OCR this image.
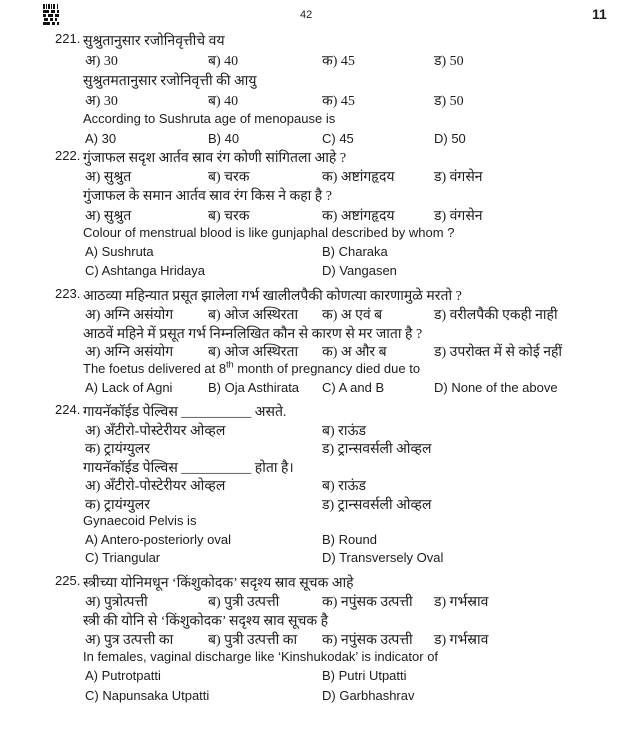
42	11
221. सुश्रुतानुसार रजोनिवृत्तीचे वय
अ) 30	ब) 40	क) 45	ड) 50
सुश्रुतमतानुसार रजोनिवृत्ती की आयु
अ) 30	ब) 40	क) 45	ड) 50
According to Sushruta age of menopause is
A) 30	B) 40	C) 45	D) 50
222. गुंजाफल सदृश आर्तव स्राव रंग कोणी सांगितला आहे ?
अ) सुश्रुत	ब) चरक	क) अष्टांगहृदय	ड) वंगसेन
गुंजाफल के समान आर्तव स्राव रंग किस ने कहा है ?
अ) सुश्रुत	ब) चरक	क) अष्टांगहृदय	ड) वंगसेन
Colour of menstrual blood is like gunjaphal described by whom ?
A) Sushruta	B) Charaka
C) Ashtanga Hridaya	D) Vangasen
223. आठव्या महिन्यात प्रसूत झालेला गर्भ खालीलपैकी कोणत्या कारणामुळे मरतो ?
अ) अग्नि असंयोग ब) ओज अस्थिरता क) अ एवं ब	ड) वरीलपैकी एकही नाही
आठवें महिने में प्रसूत गर्भ निम्नलिखित कौन से कारण से मर जाता है ?
अ) अग्नि असंयोग ब) ओज अस्थिरता क) अ और ब	ड) उपरोक्त में से कोई नहीं
The foetus delivered at 8th month of pregnancy died due to
A) Lack of Agni	B) Oja Asthirata C) A and B	D) None of the above
224. गायनॅकॉईड पेल्विस __________ असते.
अ) अँटीरो-पोस्टेरीयर ओव्हल	ब) राऊंड
क) ट्रायंग्युलर	ड) ट्रान्सवर्सली ओव्हल
गायनॅकॉईड पेल्विस __________ होता है।
अ) अँटीरो-पोस्टेरीयर ओव्हल	ब) राऊंड
क) ट्रायंग्युलर	ड) ट्रान्सवर्सली ओव्हल
Gynaecoid Pelvis is
A) Antero-posteriorly oval	B) Round
C) Triangular	D) Transversely Oval
225. स्त्रीच्या योनिमधून ‘किंशुकोदक’ सदृश्य स्राव सूचक आहे
अ) पुत्रोत्पत्ती	ब) पुत्री उत्पत्ती	क) नपुंसक उत्पत्ती ड) गर्भस्राव
स्त्री की योनि से ‘किंशुकोदक’ सदृश्य स्राव सूचक है
अ) पुत्र उत्पत्ती का ब) पुत्री उत्पत्ती का क) नपुंसक उत्पत्ती ड) गर्भस्राव
In females, vaginal discharge like ‘Kinshukodak’ is indicator of
A) Putrotpatti	B) Putri Utpatti
C) Napunsaka Utpatti	D) Garbhashrav
